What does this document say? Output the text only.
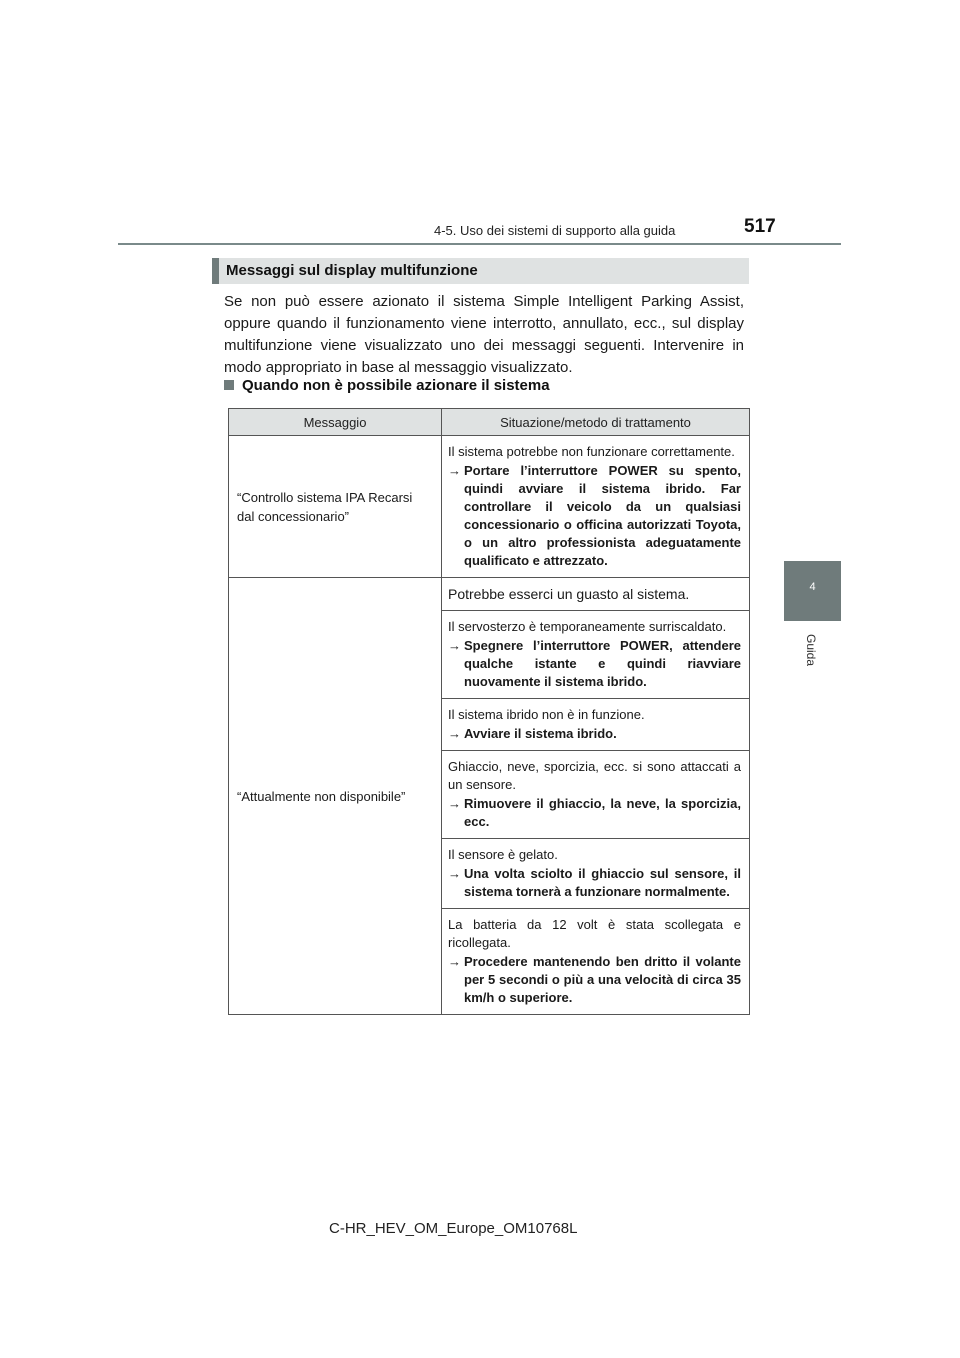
4-5. Uso dei sistemi di supporto alla guida	517
4
Guida
Messaggi sul display multifunzione
Se non può essere azionato il sistema Simple Intelligent Parking Assist, oppure quando il funzionamento viene interrotto, annullato, ecc., sul display multifunzione viene visualizzato uno dei messaggi seguenti. Intervenire in modo appropriato in base al messaggio visualizzato.
Quando non è possibile azionare il sistema
Messaggio	Situazione/metodo di trattamento

“Controllo sistema IPA Recarsi dal concessionario”	Il sistema potrebbe non funzionare correttamente.
→ Portare l’interruttore POWER su spento, quindi avviare il sistema ibrido. Far controllare il veicolo da un qualsiasi concessionario o officina autorizzati Toyota, o un altro professionista adeguatamente qualificato e attrezzato.

“Attualmente non disponibile”	Potrebbe esserci un guasto al sistema.

	Il servosterzo è temporaneamente surriscaldato.
→ Spegnere l’interruttore POWER, attendere qualche istante e quindi riavviare nuovamente il sistema ibrido.

	Il sistema ibrido non è in funzione.
→ Avviare il sistema ibrido.

	Ghiaccio, neve, sporcizia, ecc. si sono attaccati a un sensore.
→ Rimuovere il ghiaccio, la neve, la sporcizia, ecc.

	Il sensore è gelato.
→ Una volta sciolto il ghiaccio sul sensore, il sistema tornerà a funzionare normalmente.

	La batteria da 12 volt è stata scollegata e ricollegata.
→ Procedere mantenendo ben dritto il volante per 5 secondi o più a una velocità di circa 35 km/h o superiore.
C-HR_HEV_OM_Europe_OM10768L
